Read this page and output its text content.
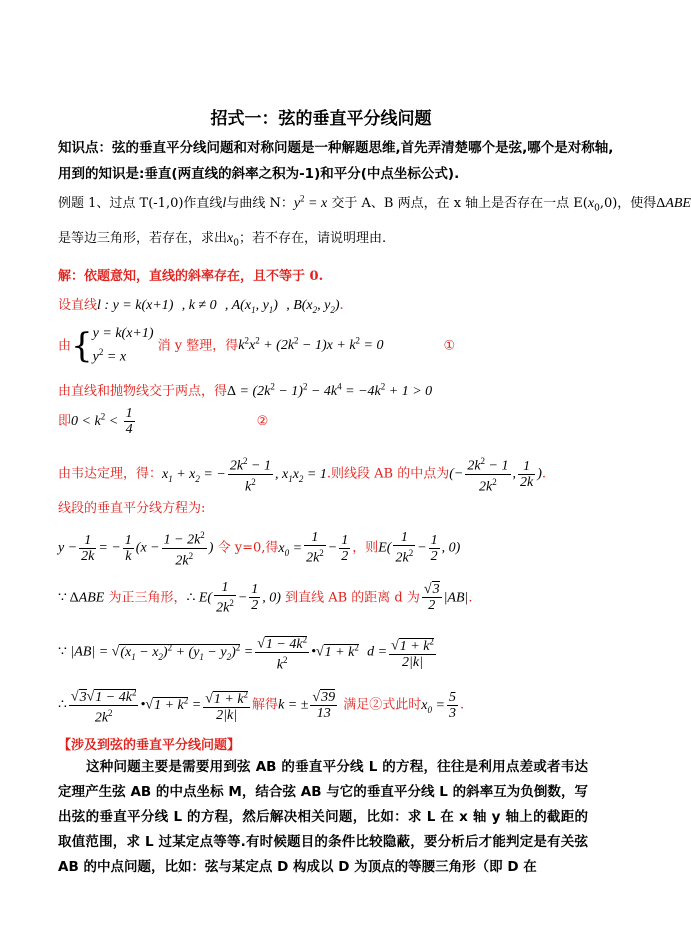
招式一：弦的垂直平分线问题
知识点：弦的垂直平分线问题和对称问题是一种解题思维,首先弄清楚哪个是弦,哪个是对称轴,
用到的知识是:垂直(两直线的斜率之积为-1)和平分(中点坐标公式).
例题 1、过点 T(-1,0)作直线l与曲线 N：$y^2 = x$ 交于 A、B 两点，在 x 轴上是否存在一点 $E(x_0,0)$，使得ΔABE
是等边三角形，若存在，求出$x_0$；若不存在，请说明理由.
解：依题意知，直线的斜率存在，且不等于 0.
设直线l : y = k(x+1) , k ≠ 0 , $A(x_1$, $y_1$) , $B(x_2$, $y_2$).
由{y = k(x+1)
$y^2 = x$ 消 y 整理，得$k^2x^2 + (2k^2 - 1)x + k^2 = 0$	①
由直线和抛物线交于两点，得$\Delta = (2k^2 - 1)^2 - 4k^4 = -4k^2 + 1 > 0$
即$0 < k^2 < \frac{1}{4}$	②
由韦达定理，得：$x_1 + x_2$ = − $\frac{2k^2 - 1}{k^2}$ , $x_1x_2 = 1$.则线段 AB 的中点为(− $\frac{2k^2 - 1}{2k^2}$ , $\frac{1}{2k}$ ).
线段的垂直平分线方程为:
$y - \frac{1}{2k}$ = − $\frac{1}{k} (x - \frac{1 - 2k^2}{2k^2}$ ) 令 y=0,得$x_0 = \frac{1}{2k^2} - \frac{1}{2}$ ，则$E( \frac{1}{2k^2} - \frac{1}{2}$ , 0)
∵ ΔABE 为正三角形，∴ $E( \frac{1}{2k^2} - \frac{1}{2}$ , 0) 到直线 AB 的距离 d 为 $\frac{√3}{2} |AB|$.
∵ $|AB| = √(x_1 - x_2)^2 + (y_1 - y_2)^2 = \frac{√1 - 4k^2}{k^2}$ •√1 + $k^2$ $d = \frac{√1 + k^2}{2|k|}$
∴ $\frac{√3√1 - 4k^2}{2k^2}$ •√1 + $k^2 = \frac{√1 + k^2}{2|k|}$ 解得k = ± $\frac{√39}{13}$ 满足②式此时$x_0 = \frac{5}{3}$ .
【涉及到弦的垂直平分线问题】
这种问题主要是需要用到弦 AB 的垂直平分线 L 的方程，往往是利用点差或者韦达定理产生弦 AB 的中点坐标 M，结合弦 AB 与它的垂直平分线 L 的斜率互为负倒数，写出弦的垂直平分线 L 的方程，然后解决相关问题，比如：求 L 在 x 轴 y 轴上的截距的取值范围，求 L 过某定点等等.有时候题目的条件比较隐蔽，要分析后才能判定是有关弦 AB 的中点问题，比如：弦与某定点 D 构成以 D 为顶点的等腰三角形（即 D 在
